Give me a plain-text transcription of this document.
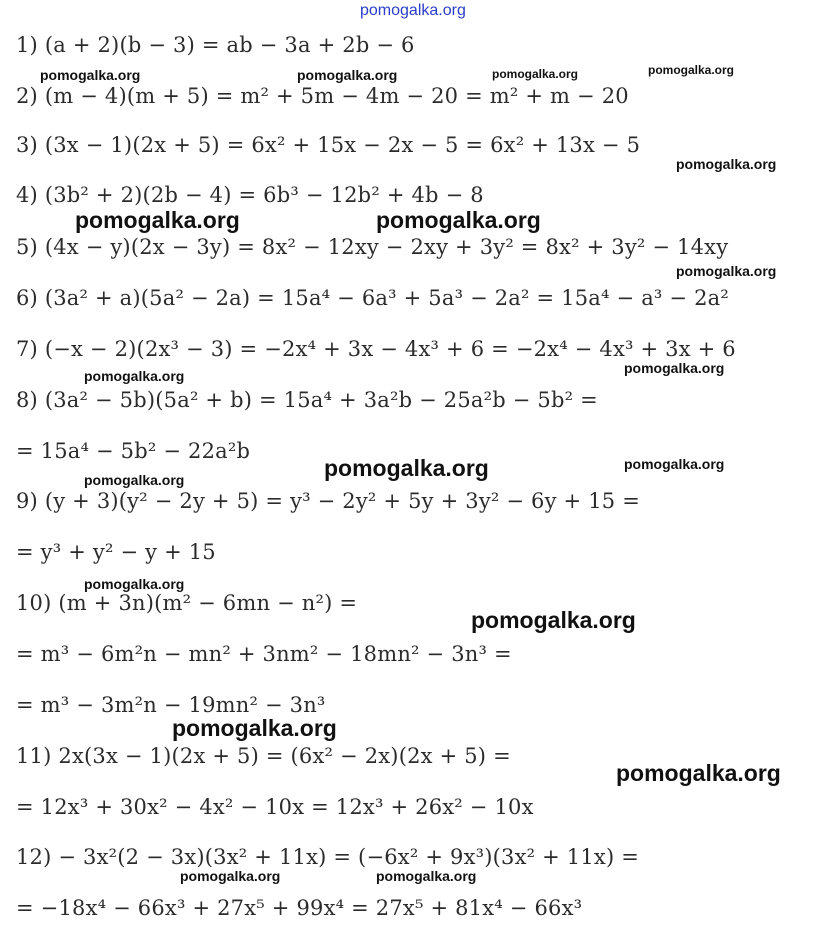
pomogalka.org
1) (a + 2)(b − 3) = ab − 3a + 2b − 6
2) (m − 4)(m + 5) = m² + 5m − 4m − 20 = m² + m − 20
3) (3x − 1)(2x + 5) = 6x² + 15x − 2x − 5 = 6x² + 13x − 5
4) (3b² + 2)(2b − 4) = 6b³ − 12b² + 4b − 8
5) (4x − y)(2x − 3y) = 8x² − 12xy − 2xy + 3y² = 8x² + 3y² − 14xy
6) (3a² + a)(5a² − 2a) = 15a⁴ − 6a³ + 5a³ − 2a² = 15a⁴ − a³ − 2a²
7) (−x − 2)(2x³ − 3) = −2x⁴ + 3x − 4x³ + 6 = −2x⁴ − 4x³ + 3x + 6
8) (3a² − 5b)(5a² + b) = 15a⁴ + 3a²b − 25a²b − 5b² =
= 15a⁴ − 5b² − 22a²b
9) (y + 3)(y² − 2y + 5) = y³ − 2y² + 5y + 3y² − 6y + 15 =
= y³ + y² − y + 15
10) (m + 3n)(m² − 6mn − n²) =
= m³ − 6m²n − mn² + 3nm² − 18mn² − 3n³ =
= m³ − 3m²n − 19mn² − 3n³
11) 2x(3x − 1)(2x + 5) = (6x² − 2x)(2x + 5) =
= 12x³ + 30x² − 4x² − 10x = 12x³ + 26x² − 10x
12) − 3x²(2 − 3x)(3x² + 11x) = (−6x² + 9x³)(3x² + 11x) =
= −18x⁴ − 66x³ + 27x⁵ + 99x⁴ = 27x⁵ + 81x⁴ − 66x³
pomogalka.org	pomogalka.org	pomogalka.org	pomogalka.org
pomogalka.org
pomogalka.org	pomogalka.org
pomogalka.org
pomogalka.org
pomogalka.org
pomogalka.org	pomogalka.org
pomogalka.org
pomogalka.org
pomogalka.org
pomogalka.org
pomogalka.org
pomogalka.org	pomogalka.org
